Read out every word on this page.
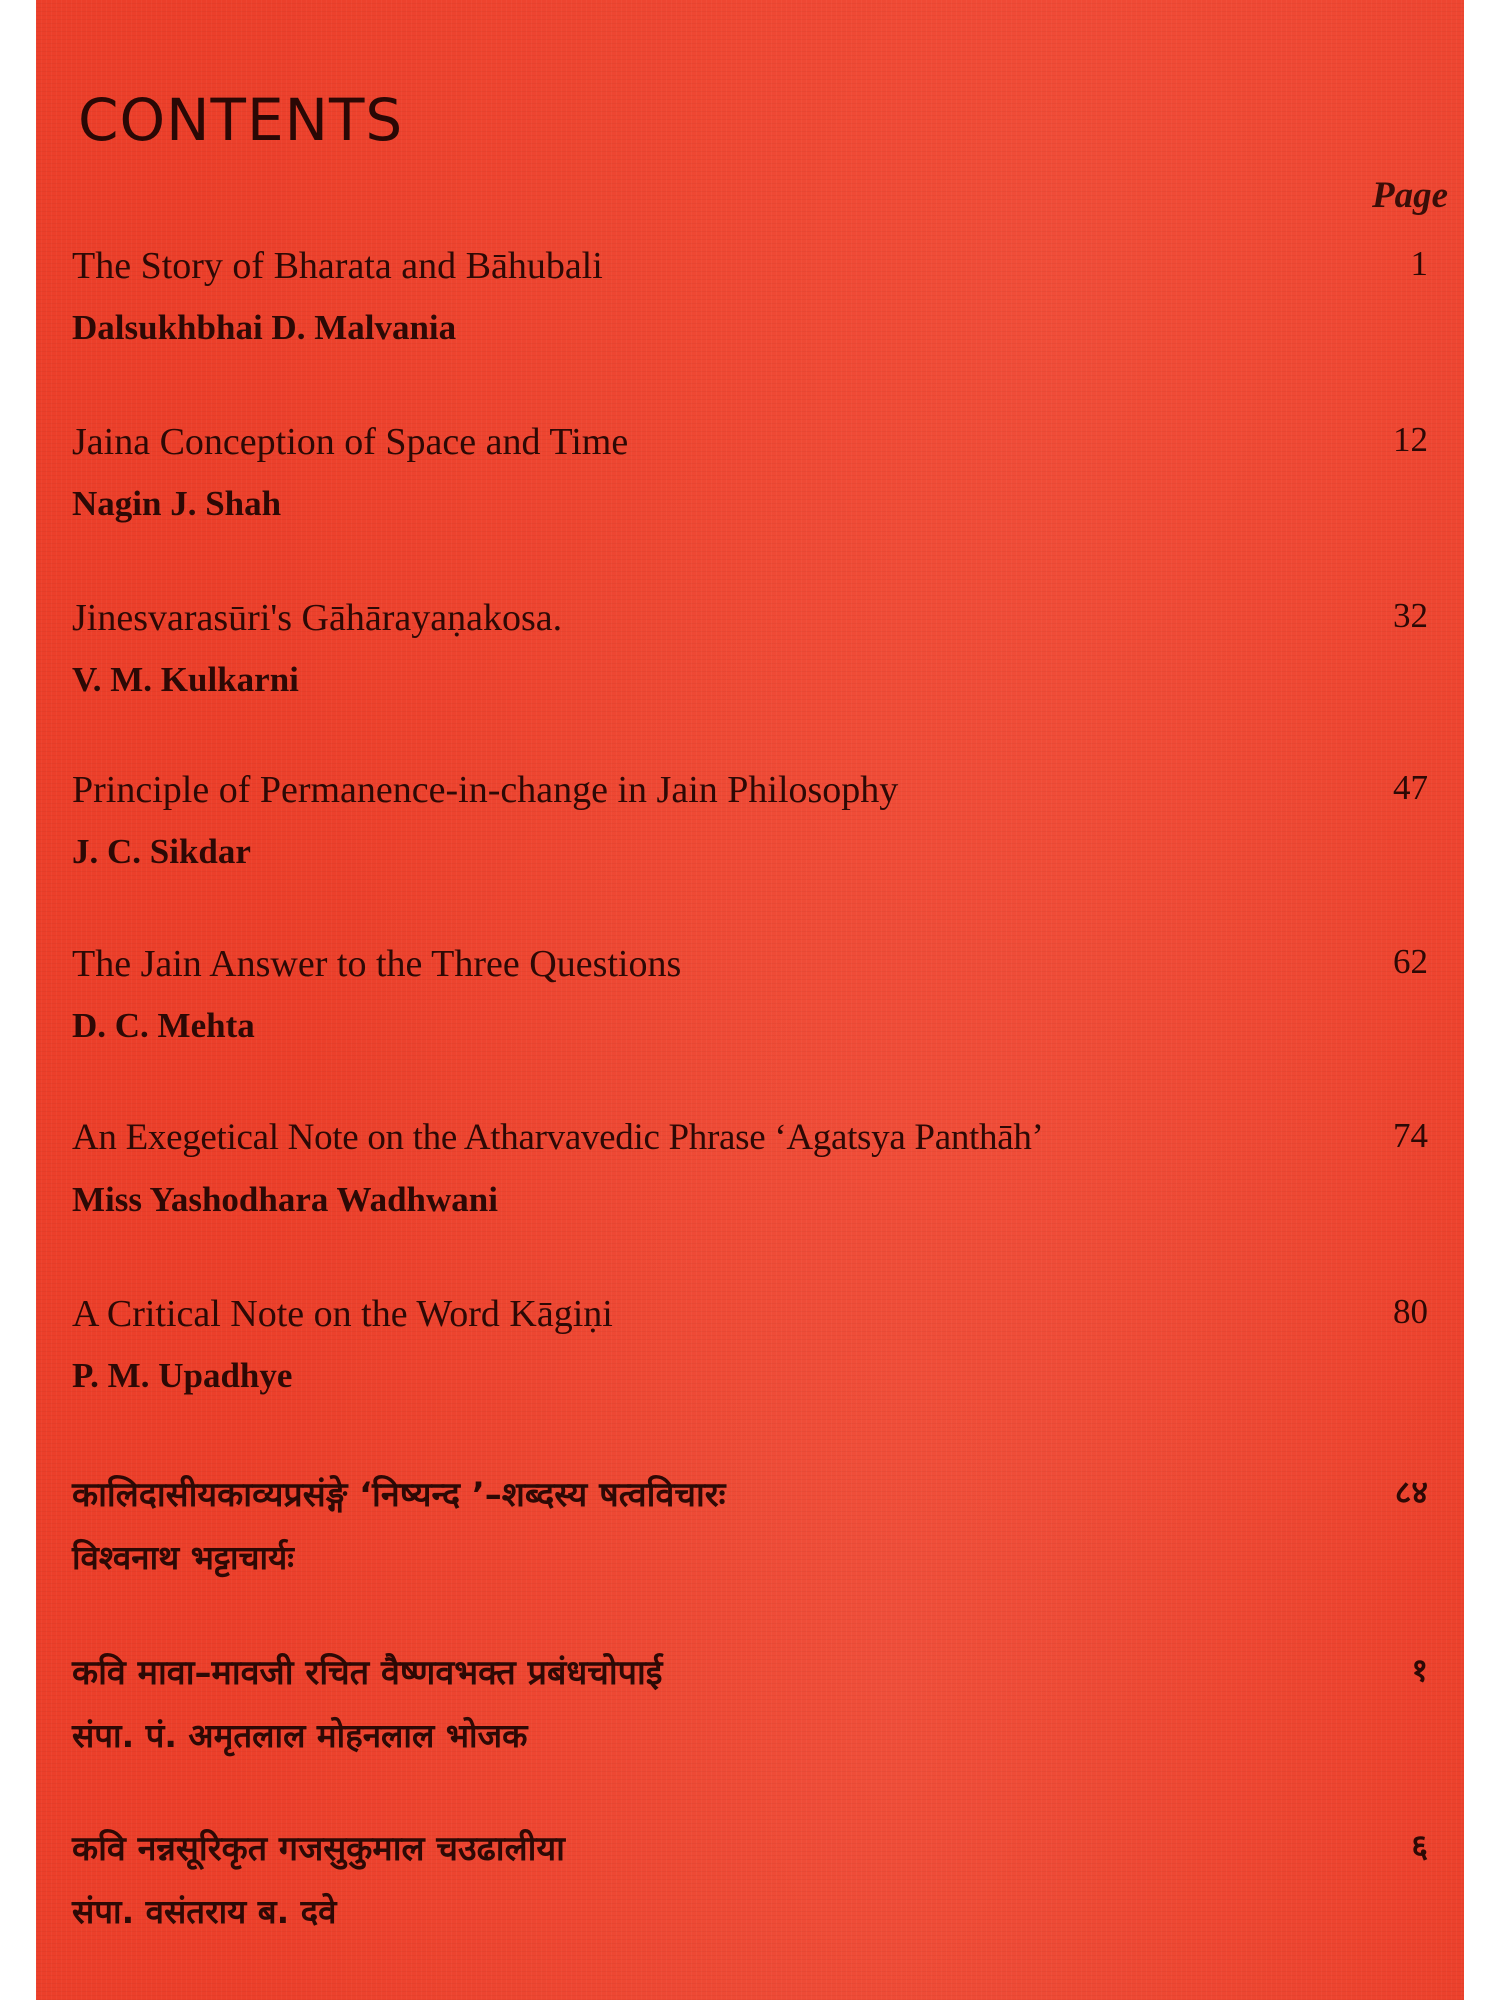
CONTENTS
Page
The Story of Bharata and Bāhubali	1
Dalsukhbhai D. Malvania
Jaina Conception of Space and Time	12
Nagin J. Shah
Jinesvarasūri's Gāhārayaṇakosa.	32
V. M. Kulkarni
Principle of Permanence-in-change in Jain Philosophy	47
J. C. Sikdar
The Jain Answer to the Three Questions	62
D. C. Mehta
An Exegetical Note on the Atharvavedic Phrase ‘Agatsya Panthāh’	74
Miss Yashodhara Wadhwani
A Critical Note on the Word Kāgiṇi	80
P. M. Upadhye
कालिदासीयकाव्यप्रसंङ्गे ‘निष्यन्द ’–शब्दस्य षत्वविचारः	८४
विश्वनाथ भट्टाचार्यः
कवि मावा–मावजी रचित वैष्णवभक्त प्रबंधचोपाई	१
संपा. पं. अमृतलाल मोहनलाल भोजक
कवि नन्नसूरिकृत गजसुकुमाल चउढालीया	६
संपा. वसंतराय ब. दवे
